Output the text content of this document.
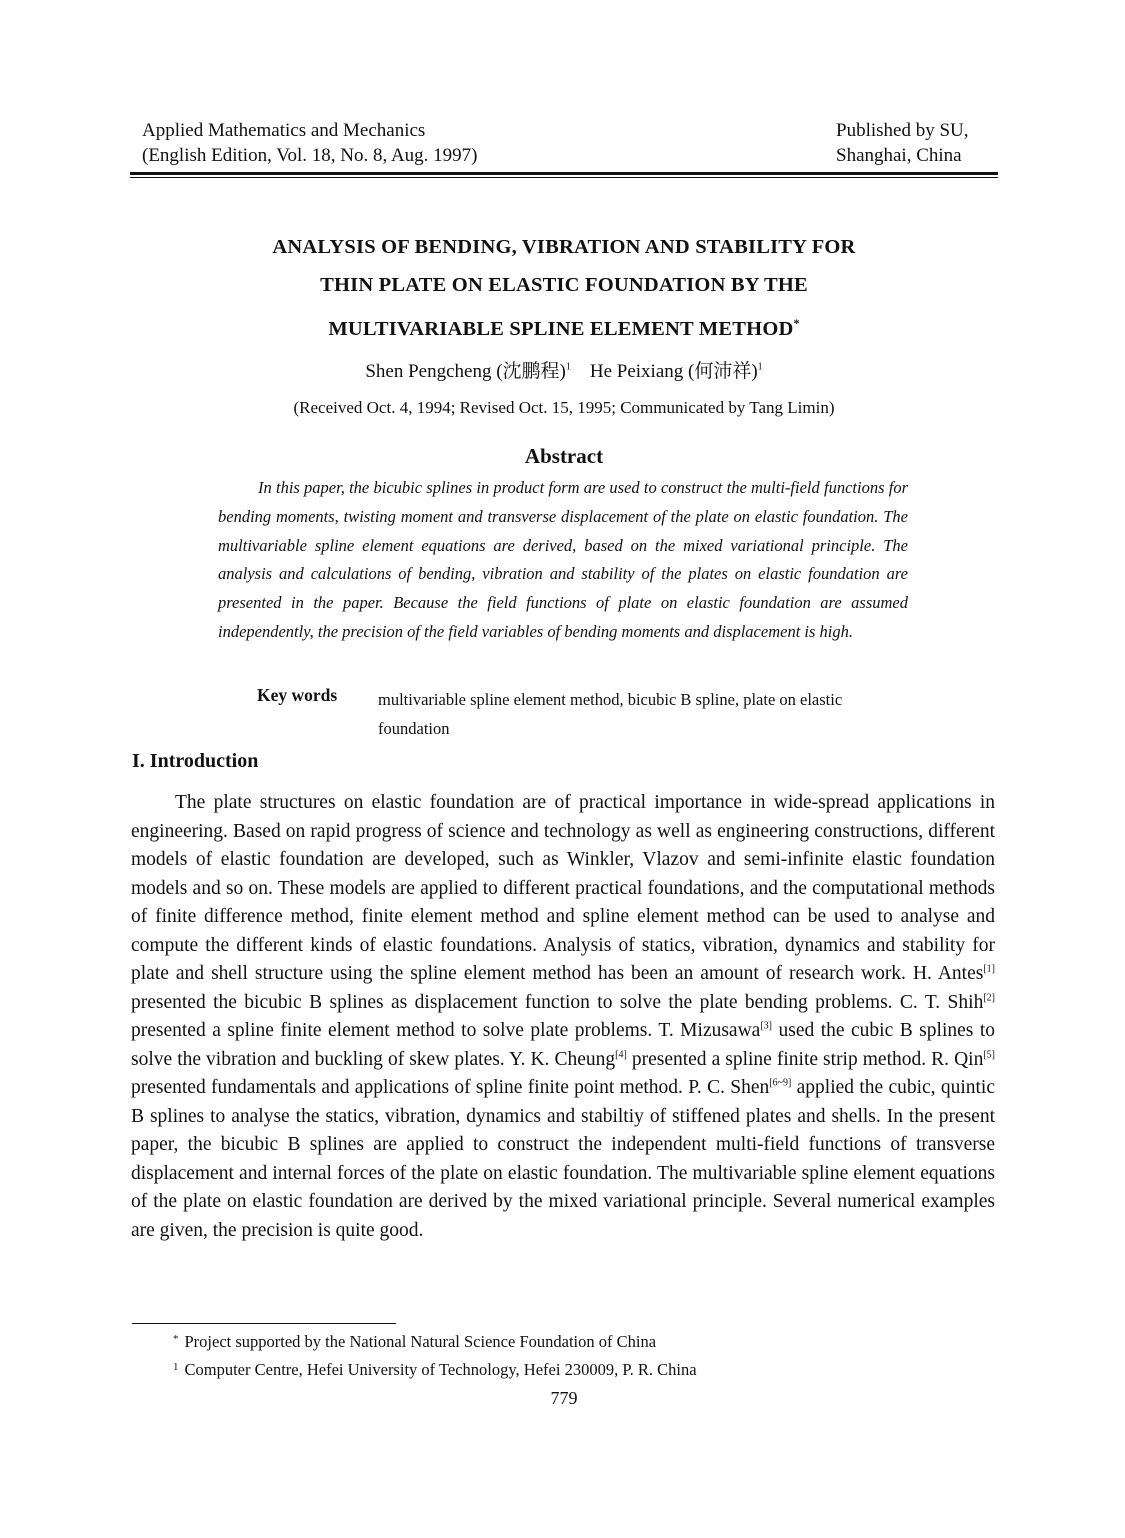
Applied Mathematics and Mechanics
(English Edition, Vol. 18, No. 8, Aug. 1997)
Published by SU,
Shanghai, China
ANALYSIS OF BENDING, VIBRATION AND STABILITY FOR
THIN PLATE ON ELASTIC FOUNDATION BY THE
MULTIVARIABLE SPLINE ELEMENT METHOD*
Shen Pengcheng (沈鹏程)$^1$ He Peixiang (何沛祥)$^1$
(Received Oct. 4, 1994; Revised Oct. 15, 1995; Communicated by Tang Limin)
Abstract
In this paper, the bicubic splines in product form are used to construct the multi-field functions for bending moments, twisting moment and transverse displacement of the plate on elastic foundation. The multivariable spline element equations are derived, based on the mixed variational principle. The analysis and calculations of bending, vibration and stability of the plates on elastic foundation are presented in the paper. Because the field functions of plate on elastic foundation are assumed independently, the precision of the field variables of bending moments and displacement is high.
Key words multivariable spline element method, bicubic B spline, plate on elastic foundation
I. Introduction
The plate structures on elastic foundation are of practical importance in wide-spread applications in engineering. Based on rapid progress of science and technology as well as engineering constructions, different models of elastic foundation are developed, such as Winkler, Vlazov and semi-infinite elastic foundation models and so on. These models are applied to different practical foundations, and the computational methods of finite difference method, finite element method and spline element method can be used to analyse and compute the different kinds of elastic foundations. Analysis of statics, vibration, dynamics and stability for plate and shell structure using the spline element method has been an amount of research work. H. Antes[1] presented the bicubic B splines as displacement function to solve the plate bending problems. C. T. Shih[2] presented a spline finite element method to solve plate problems. T. Mizusawa[3] used the cubic B splines to solve the vibration and buckling of skew plates. Y. K. Cheung[4] presented a spline finite strip method. R. Qin[5] presented fundamentals and applications of spline finite point method. P. C. Shen[6~9] applied the cubic, quintic B splines to analyse the statics, vibration, dynamics and stabiltiy of stiffened plates and shells. In the present paper, the bicubic B splines are applied to construct the independent multi-field functions of transverse displacement and internal forces of the plate on elastic foundation. The multivariable spline element equations of the plate on elastic foundation are derived by the mixed variational principle. Several numerical examples are given, the precision is quite good.
* Project supported by the National Natural Science Foundation of China
$^1$ Computer Centre, Hefei University of Technology, Hefei 230009, P. R. China
779
